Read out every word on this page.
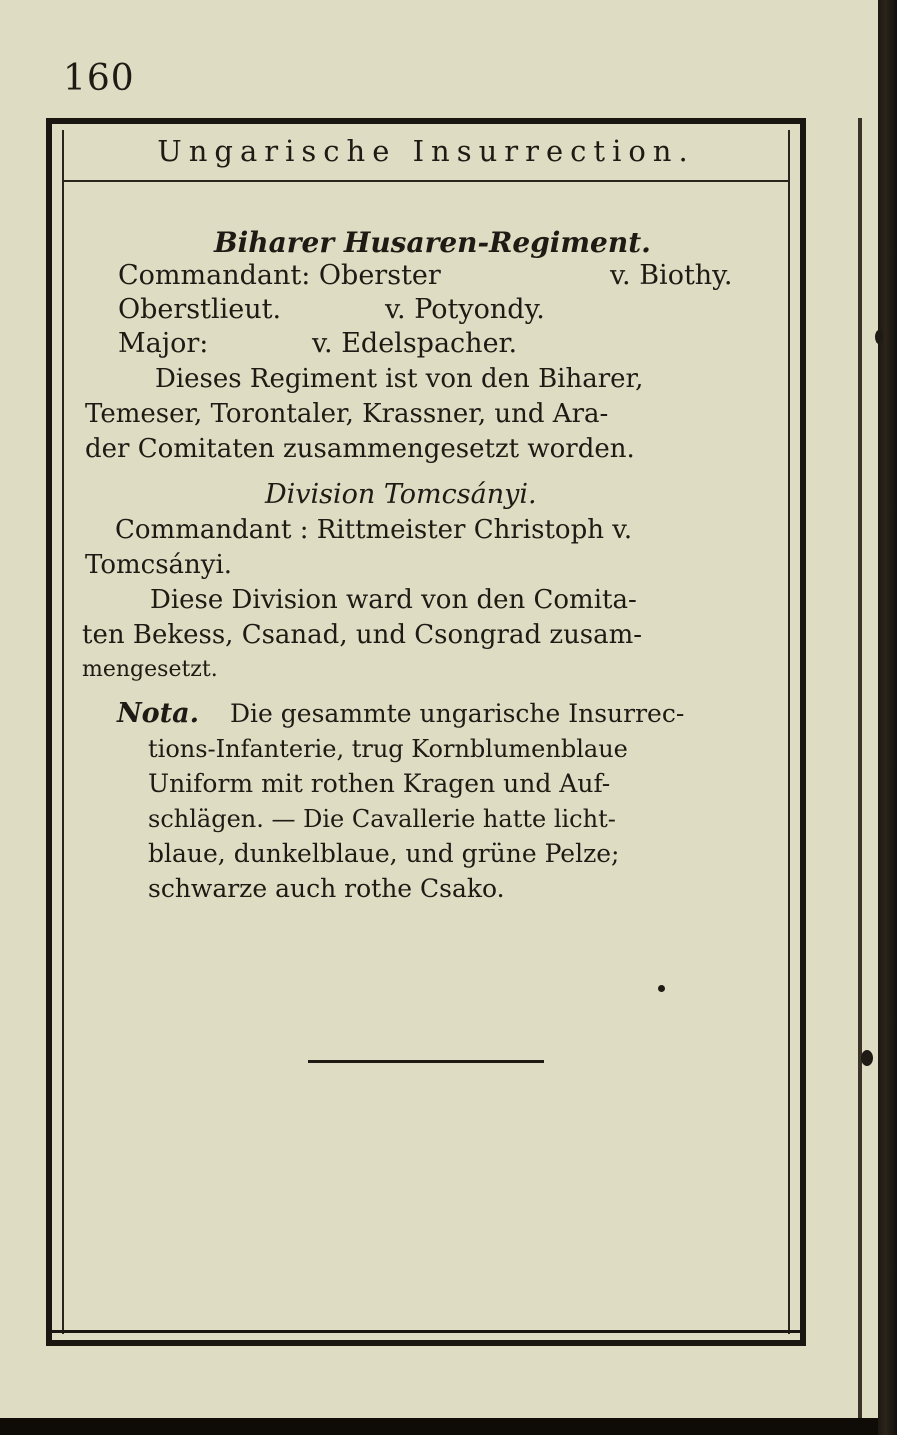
160
Ungarische Insurrection.
Biharer Husaren-Regiment.
Commandant: Oberster	v. Biothy.
Oberstlieut.	v. Potyondy.
Major:	v. Edelspacher.
Dieses Regiment ist von den Biharer,
Temeser, Torontaler, Krassner, und Ara-
der Comitaten zusammengesetzt worden.
Division Tomcsányi.
Commandant : Rittmeister Christoph v.
Tomcsányi.
Diese Division ward von den Comita-
ten Bekess, Csanad, und Csongrad zusam-
mengesetzt.
Nota. Die gesammte ungarische Insurrec-
tions-Infanterie, trug Kornblumenblaue
Uniform mit rothen Kragen und Auf-
schlägen. — Die Cavallerie hatte licht-
blaue, dunkelblaue, und grüne Pelze;
schwarze auch rothe Csako.
